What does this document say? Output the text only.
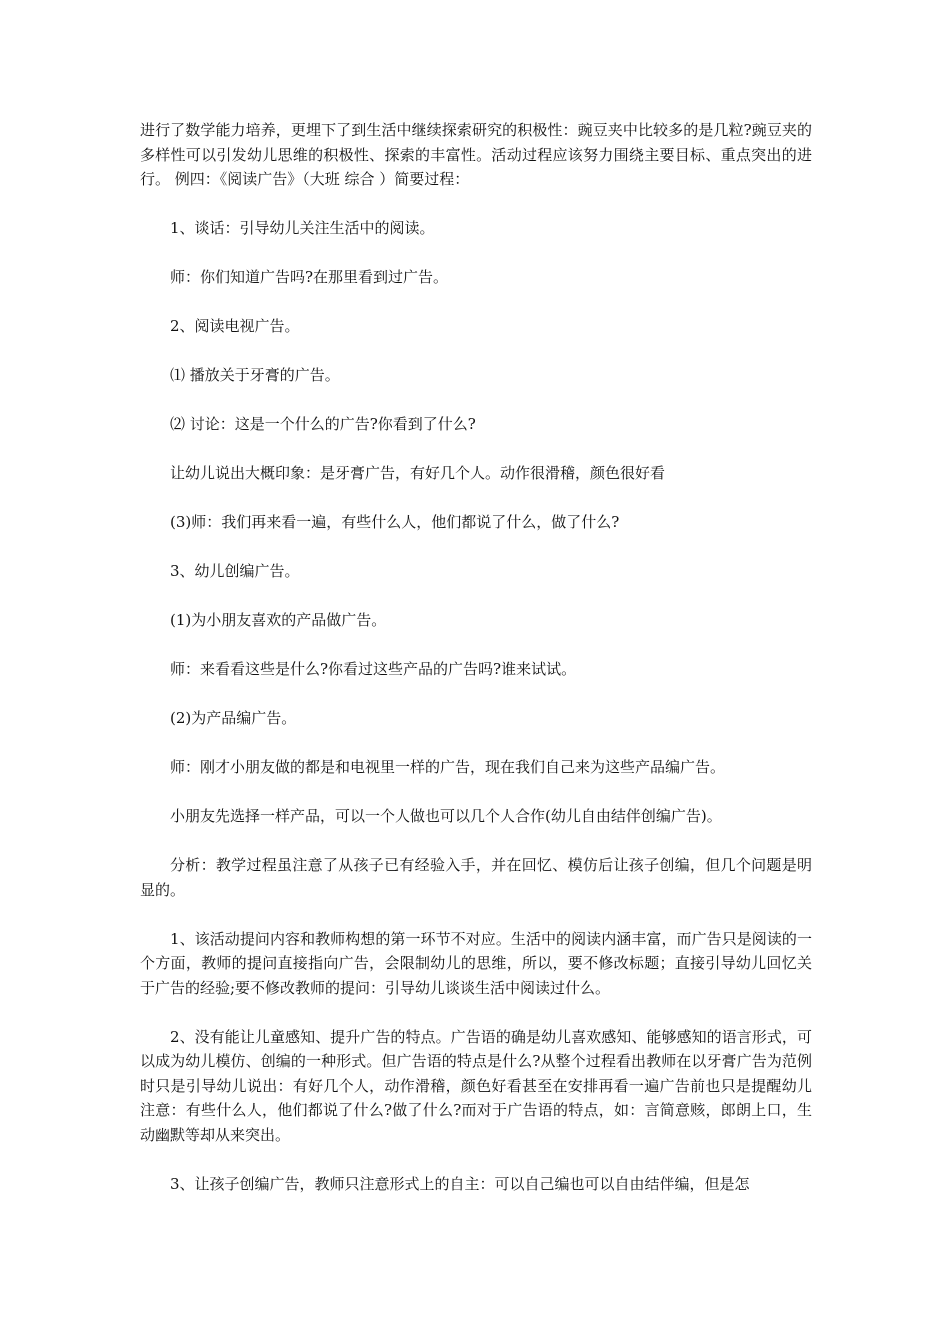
进行了数学能力培养，更埋下了到生活中继续探索研究的积极性：豌豆夹中比较多的是几粒?豌豆夹的多样性可以引发幼儿思维的积极性、探索的丰富性。活动过程应该努力围绕主要目标、重点突出的进行。 例四：《阅读广告》（大班 综合 ）简要过程：

1、谈话：引导幼儿关注生活中的阅读。

师：你们知道广告吗?在那里看到过广告。

2、阅读电视广告。

⑴ 播放关于牙膏的广告。

⑵ 讨论：这是一个什么的广告?你看到了什么?

让幼儿说出大概印象：是牙膏广告，有好几个人。动作很滑稽，颜色很好看

(3)师：我们再来看一遍，有些什么人，他们都说了什么，做了什么?

3、幼儿创编广告。

(1)为小朋友喜欢的产品做广告。

师：来看看这些是什么?你看过这些产品的广告吗?谁来试试。

(2)为产品编广告。

师：刚才小朋友做的都是和电视里一样的广告，现在我们自己来为这些产品编广告。

小朋友先选择一样产品，可以一个人做也可以几个人合作(幼儿自由结伴创编广告)。

分析：教学过程虽注意了从孩子已有经验入手，并在回忆、模仿后让孩子创编，但几个问题是明显的。

1、该活动提问内容和教师构想的第一环节不对应。生活中的阅读内涵丰富，而广告只是阅读的一个方面，教师的提问直接指向广告，会限制幼儿的思维，所以，要不修改标题；直接引导幼儿回忆关于广告的经验;要不修改教师的提问：引导幼儿谈谈生活中阅读过什么。

2、没有能让儿童感知、提升广告的特点。广告语的确是幼儿喜欢感知、能够感知的语言形式，可以成为幼儿模仿、创编的一种形式。但广告语的特点是什么?从整个过程看出教师在以牙膏广告为范例时只是引导幼儿说出：有好几个人，动作滑稽，颜色好看甚至在安排再看一遍广告前也只是提醒幼儿注意：有些什么人，他们都说了什么?做了什么?而对于广告语的特点，如：言简意赅，郎朗上口，生动幽默等却从来突出。

3、让孩子创编广告，教师只注意形式上的自主：可以自己编也可以自由结伴编，但是怎
